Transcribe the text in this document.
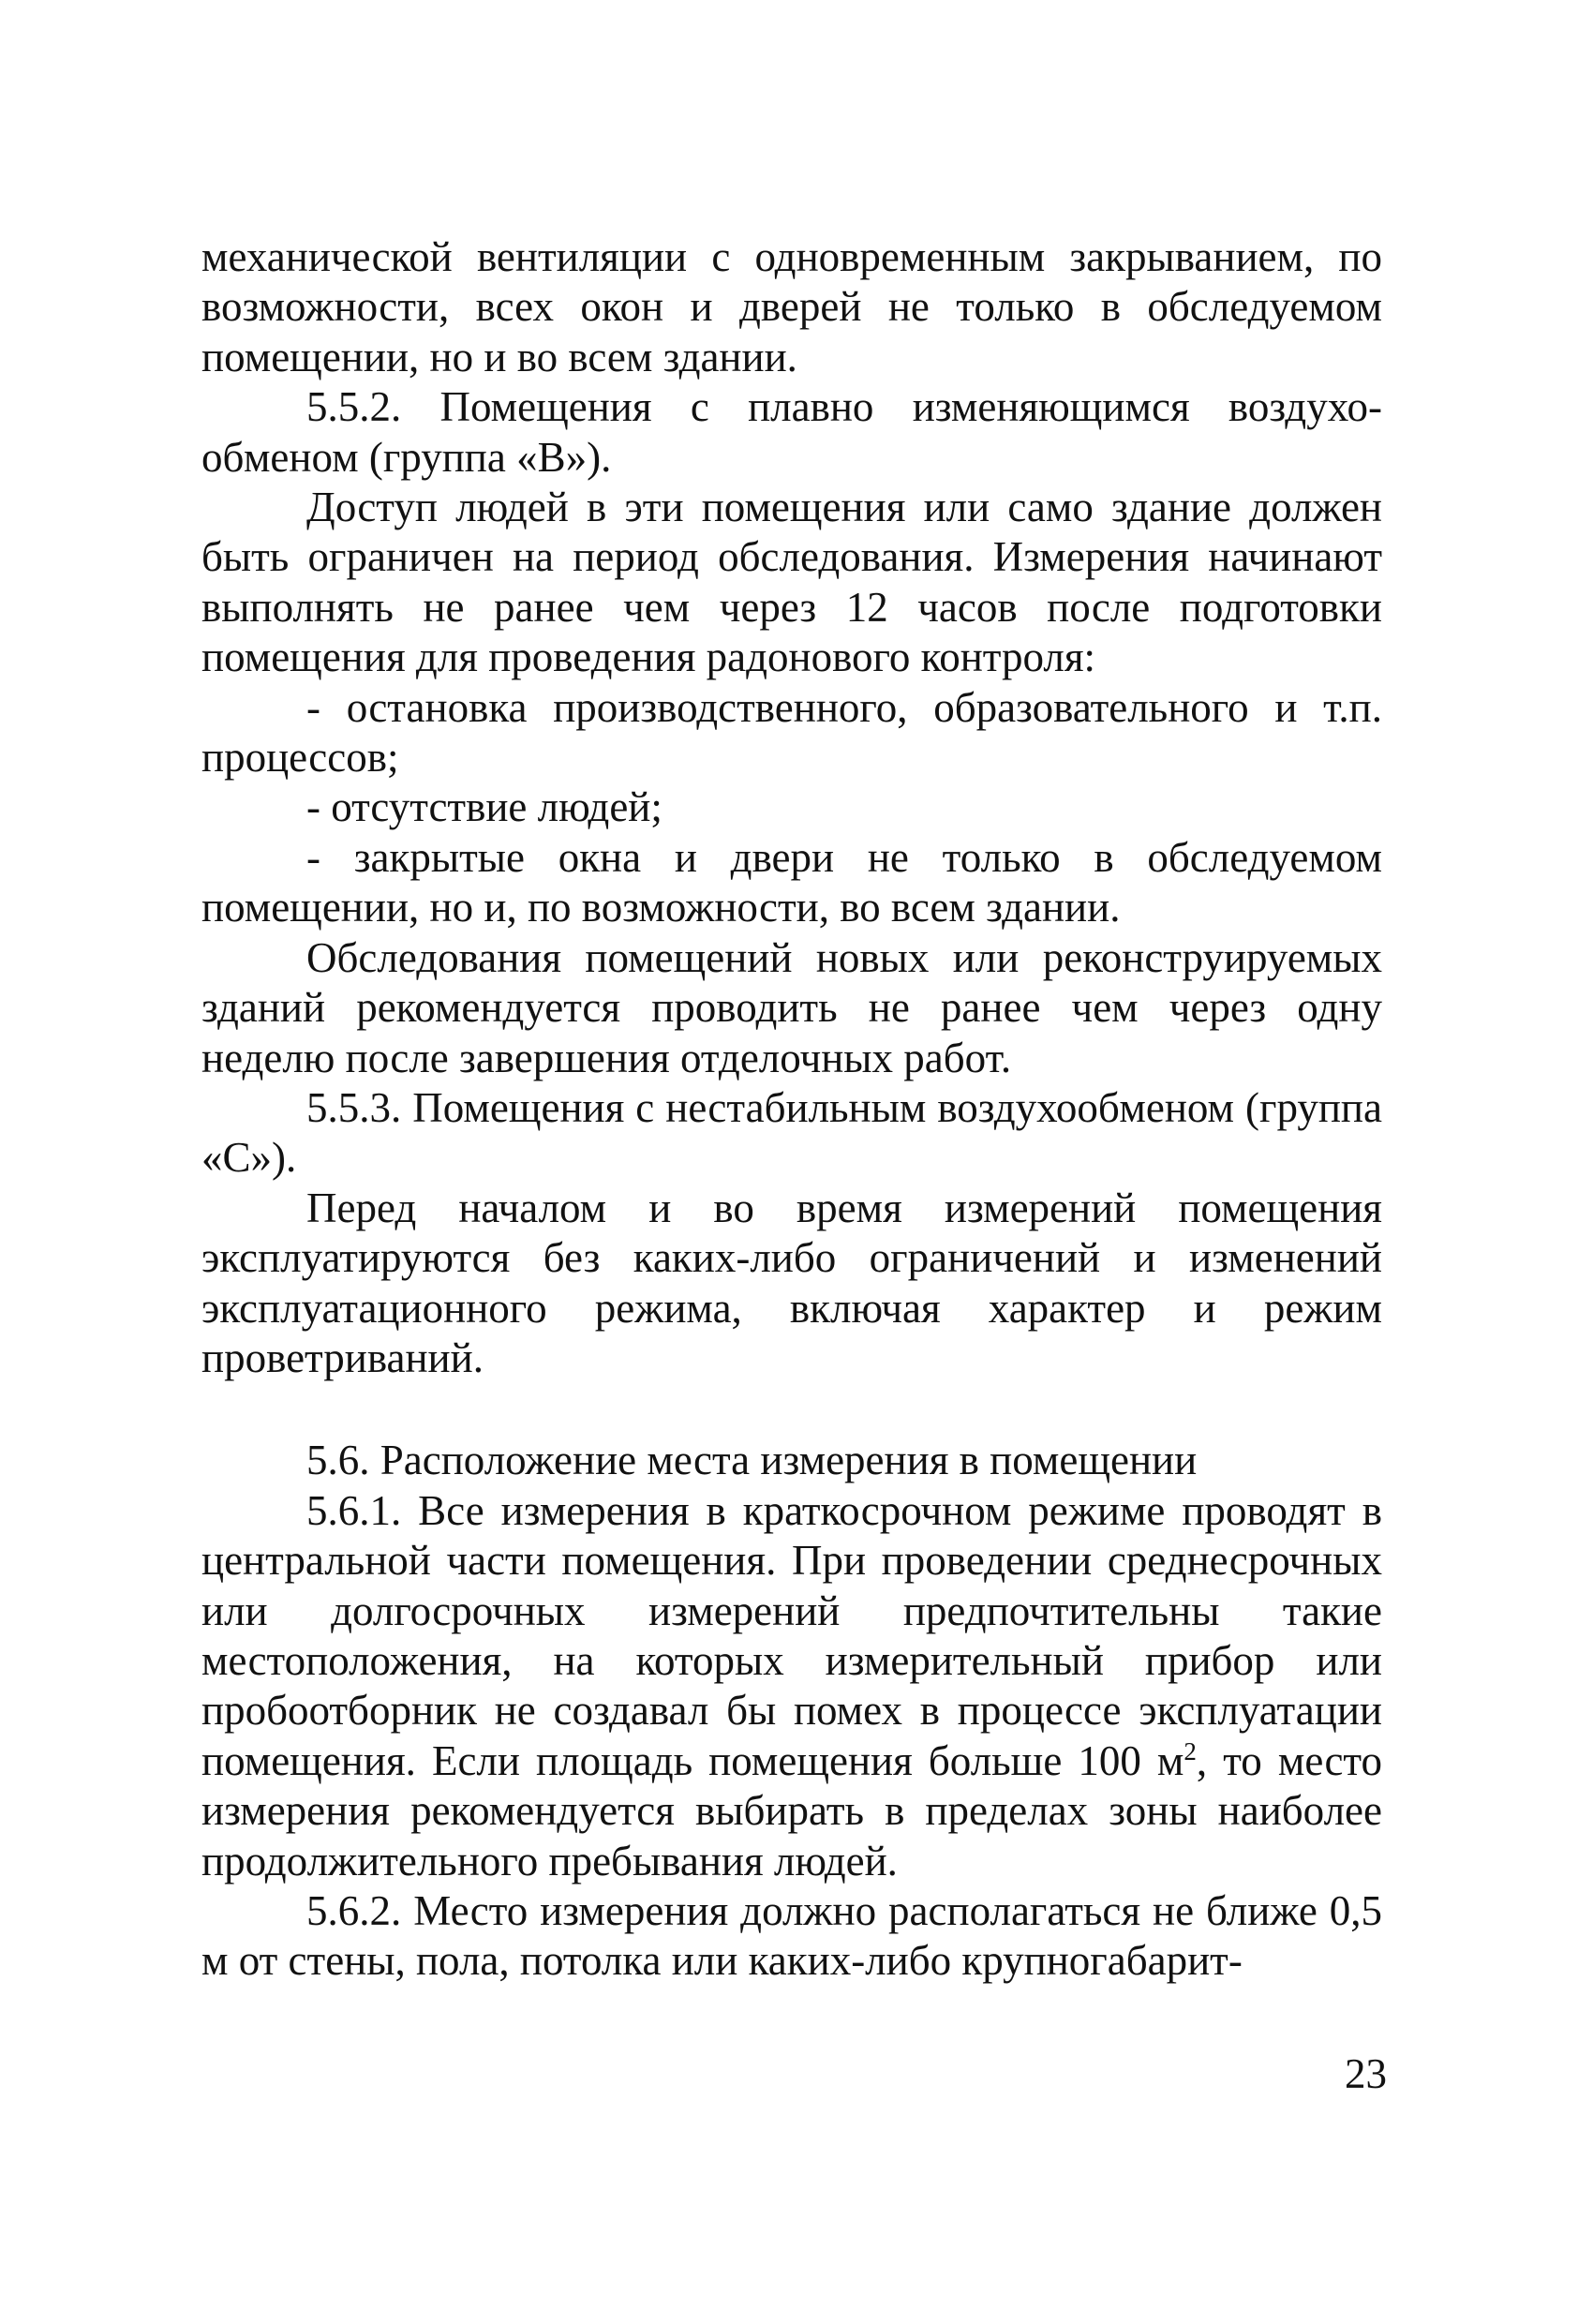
механической вентиляции с одновременным закрыванием, по возможности, всех окон и дверей не только в обследуемом помещении, но и во всем здании.

5.5.2. Помещения с плавно изменяющимся воздухообменом (группа «В»).

Доступ людей в эти помещения или само здание должен быть ограничен на период обследования. Измерения начинают выполнять не ранее чем через 12 часов после подготовки помещения для проведения радонового контроля:

- остановка производственного, образовательного и т.п. процессов;

- отсутствие людей;

- закрытые окна и двери не только в обследуемом помещении, но и, по возможности, во всем здании.

Обследования помещений новых или реконструируемых зданий рекомендуется проводить не ранее чем через одну неделю после завершения отделочных работ.

5.5.3. Помещения с нестабильным воздухообменом (группа «С»).

Перед началом и во время измерений помещения эксплуатируются без каких-либо ограничений и изменений эксплуатационного режима, включая характер и режим проветриваний.

5.6. Расположение места измерения в помещении

5.6.1. Все измерения в краткосрочном режиме проводят в центральной части помещения. При проведении среднесрочных или долгосрочных измерений предпочтительны такие местоположения, на которых измерительный прибор или пробоотборник не создавал бы помех в процессе эксплуатации помещения. Если площадь помещения больше 100 $м^2$, то место измерения рекомендуется выбирать в пределах зоны наиболее продолжительного пребывания людей.

5.6.2. Место измерения должно располагаться не ближе 0,5 м от стены, пола, потолка или каких-либо крупногабарит-

23
